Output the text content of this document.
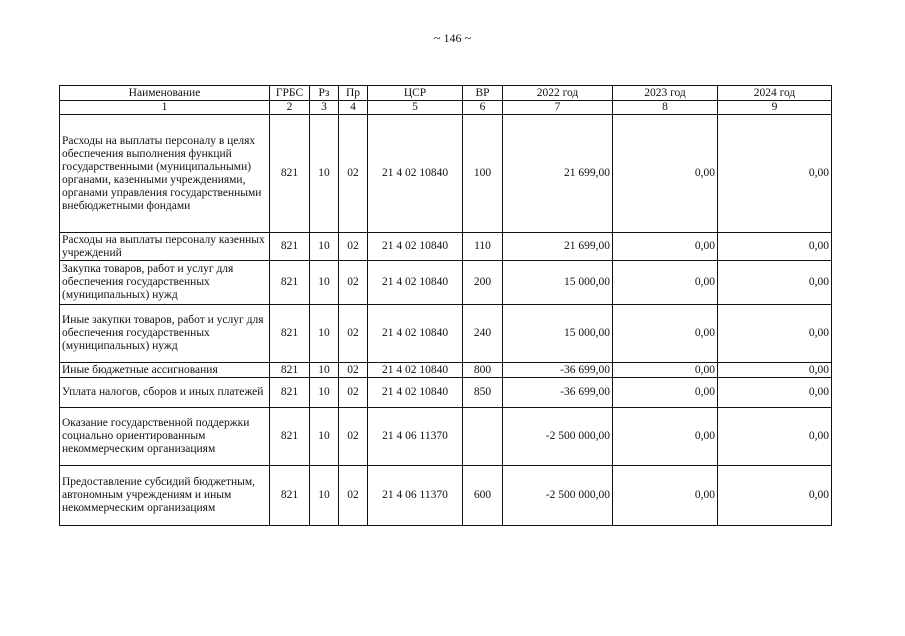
~ 146 ~
Наименование	ГРБС	Рз	Пр	ЦСР	ВР	2022 год	2023 год	2024 год
1	2	3	4	5	6	7	8	9
Расходы на выплаты персоналу в целях обеспечения выполнения функций государственными (муниципальными) органами, казенными учреждениями, органами управления государственными внебюджетными фондами	821	10	02	21 4 02 10840	100	21 699,00	0,00	0,00
Расходы на выплаты персоналу казенных учреждений	821	10	02	21 4 02 10840	110	21 699,00	0,00	0,00
Закупка товаров, работ и услуг для обеспечения государственных (муниципальных) нужд	821	10	02	21 4 02 10840	200	15 000,00	0,00	0,00
Иные закупки товаров, работ и услуг для обеспечения государственных (муниципальных) нужд	821	10	02	21 4 02 10840	240	15 000,00	0,00	0,00
Иные бюджетные ассигнования	821	10	02	21 4 02 10840	800	-36 699,00	0,00	0,00
Уплата налогов, сборов и иных платежей	821	10	02	21 4 02 10840	850	-36 699,00	0,00	0,00
Оказание государственной поддержки социально ориентированным некоммерческим организациям	821	10	02	21 4 06 11370		-2 500 000,00	0,00	0,00
Предоставление субсидий бюджетным, автономным учреждениям и иным некоммерческим организациям	821	10	02	21 4 06 11370	600	-2 500 000,00	0,00	0,00
